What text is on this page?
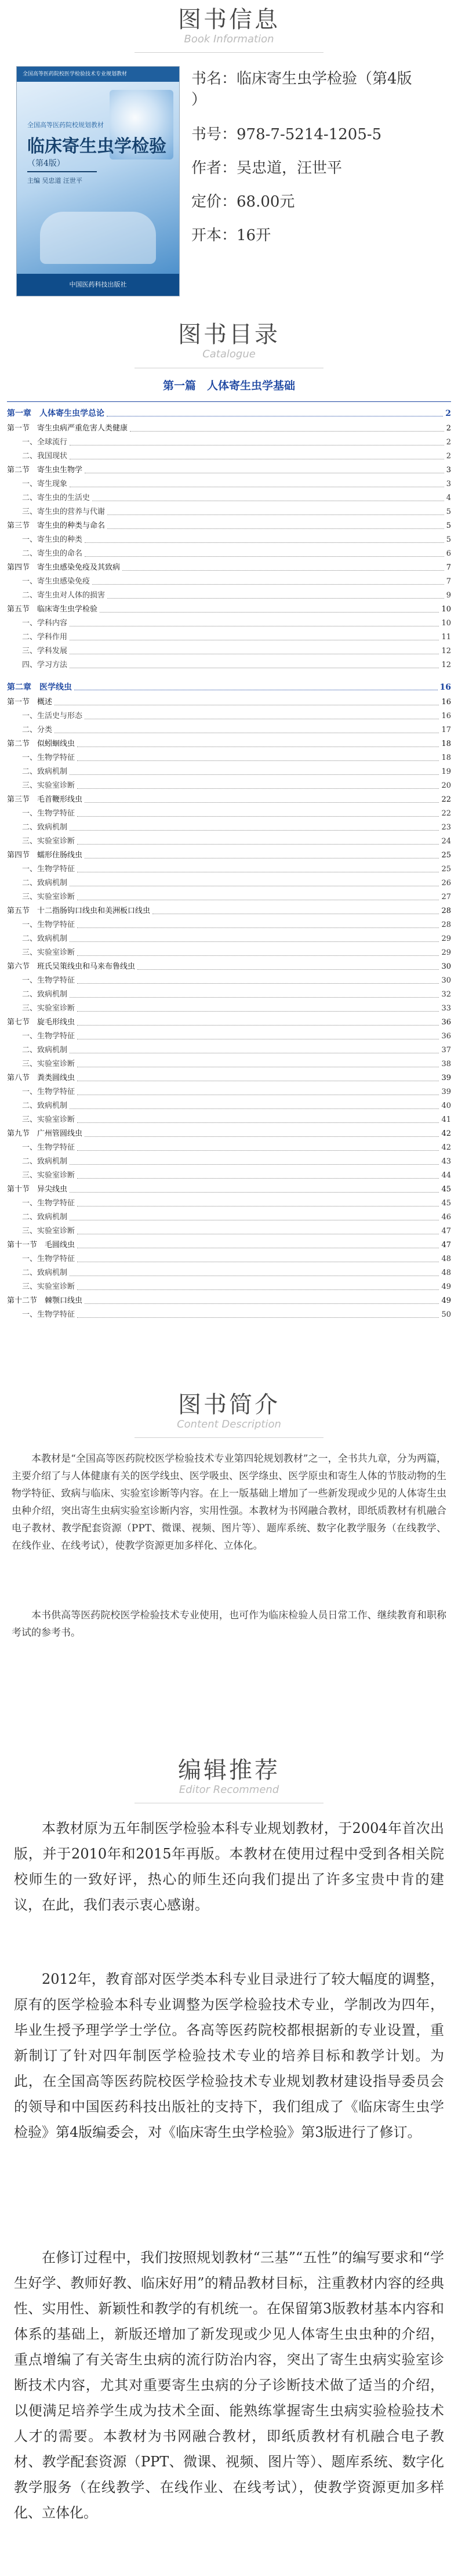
图书信息
Book Information
全国高等医药院校医学检验技术专业规划教材
全国高等医药院校规划教材
临床寄生虫学检验
（第4版）
主编 吴忠道 汪世平
中国医药科技出版社
书名：临床寄生虫学检验（第4版
）
书号：978-7-5214-1205-5
作者：吴忠道，汪世平
定价：68.00元
开本：16开
图书目录
Catalogue
第一篇　人体寄生虫学基础
第一章　人体寄生虫学总论	2
第一节　寄生虫病严重危害人类健康	2
一、全球流行	2
二、我国现状	2
第二节　寄生虫生物学	3
一、寄生现象	3
二、寄生虫的生活史	4
三、寄生虫的营养与代谢	5
第三节　寄生虫的种类与命名	5
一、寄生虫的种类	5
二、寄生虫的命名	6
第四节　寄生虫感染免疫及其致病	7
一、寄生虫感染免疫	7
二、寄生虫对人体的损害	9
第五节　临床寄生虫学检验	10
一、学科内容	10
二、学科作用	11
三、学科发展	12
四、学习方法	12
第二章　医学线虫	16
第一节　概述	16
一、生活史与形态	16
二、分类	17
第二节　似蚓蛔线虫	18
一、生物学特征	18
二、致病机制	19
三、实验室诊断	20
第三节　毛首鞭形线虫	22
一、生物学特征	22
二、致病机制	23
三、实验室诊断	24
第四节　蠕形住肠线虫	25
一、生物学特征	25
二、致病机制	26
三、实验室诊断	27
第五节　十二指肠钩口线虫和美洲板口线虫	28
一、生物学特征	28
二、致病机制	29
三、实验室诊断	29
第六节　班氏吴策线虫和马来布鲁线虫	30
一、生物学特征	30
二、致病机制	32
三、实验室诊断	33
第七节　旋毛形线虫	36
一、生物学特征	36
二、致病机制	37
三、实验室诊断	38
第八节　粪类圆线虫	39
一、生物学特征	39
二、致病机制	40
三、实验室诊断	41
第九节　广州管圆线虫	42
一、生物学特征	42
二、致病机制	43
三、实验室诊断	44
第十节　异尖线虫	45
一、生物学特征	45
二、致病机制	46
三、实验室诊断	47
第十一节　毛圆线虫	47
一、生物学特征	48
二、致病机制	48
三、实验室诊断	49
第十二节　棘颚口线虫	49
一、生物学特征	50
图书简介
Content Description

本教材是“全国高等医药院校医学检验技术专业第四轮规划教材”之一，全书共九章，分为两篇，主要介绍了与人体健康有关的医学线虫、医学吸虫、医学绦虫、医学原虫和寄生人体的节肢动物的生物学特征、致病与临床、实验室诊断等内容。在上一版基础上增加了一些新发现或少见的人体寄生虫虫种介绍，突出寄生虫病实验室诊断内容，实用性强。本教材为书网融合教材，即纸质教材有机融合电子教材、教学配套资源（PPT、微课、视频、图片等）、题库系统、数字化教学服务（在线教学、在线作业、在线考试），使教学资源更加多样化、立体化。

本书供高等医药院校医学检验技术专业使用，也可作为临床检验人员日常工作、继续教育和职称考试的参考书。

编辑推荐
Editor Recommend

本教材原为五年制医学检验本科专业规划教材，于2004年首次出版，并于2010年和2015年再版。本教材在使用过程中受到各相关院校师生的一致好评，热心的师生还向我们提出了许多宝贵中肯的建议，在此，我们表示衷心感谢。

2012年，教育部对医学类本科专业目录进行了较大幅度的调整，原有的医学检验本科专业调整为医学检验技术专业，学制改为四年，毕业生授予理学学士学位。各高等医药院校都根据新的专业设置，重新制订了针对四年制医学检验技术专业的培养目标和教学计划。为此，在全国高等医药院校医学检验技术专业规划教材建设指导委员会的领导和中国医药科技出版社的支持下，我们组成了《临床寄生虫学检验》第4版编委会，对《临床寄生虫学检验》第3版进行了修订。

在修订过程中，我们按照规划教材“三基”“五性”的编写要求和“学生好学、教师好教、临床好用”的精品教材目标，注重教材内容的经典性、实用性、新颖性和教学的有机统一。在保留第3版教材基本内容和体系的基础上，新版还增加了新发现或少见人体寄生虫虫种的介绍，重点增编了有关寄生虫病的流行防治内容，突出了寄生虫病实验室诊断技术内容，尤其对重要寄生虫病的分子诊断技术做了适当的介绍，以便满足培养学生成为技术全面、能熟练掌握寄生虫病实验检验技术人才的需要。本教材为书网融合教材，即纸质教材有机融合电子教材、教学配套资源（PPT、微课、视频、图片等）、题库系统、数字化教学服务（在线教学、在线作业、在线考试），使教学资源更加多样化、立体化。
